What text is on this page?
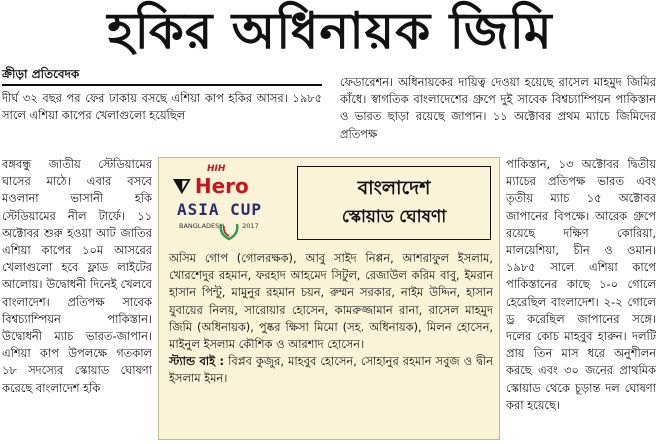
হকির অধিনায়ক জিমি
ক্রীড়া প্রতিবেদক
দীর্ঘ ৩২ বছর পর ফের ঢাকায় বসছে এশিয়া কাপ হকির আসর। ১৯৮৫ সালে এশিয়া কাপের খেলাগুলো হয়েছিল
বঙ্গবন্ধু জাতীয় স্টেডিয়ামের ঘাসের মাঠে। এবার বসবে মওলানা ভাসানী হকি স্টেডিয়ামের নীল টার্ফে। ১১ অক্টোবর শুরু হওয়া আট জাতির এশিয়া কাপের ১০ম আসরের খেলাগুলো হবে ফ্লাড লাইটের আলোয়। উদ্বোধনী দিনেই খেলবে বাংলাদেশ। প্রতিপক্ষ সাবেক বিশ্বচ্যাম্পিয়ন পাকিস্তান। উদ্বোধনী ম্যাচ ভারত-জাপান। এশিয়া কাপ উপলক্ষে গতকাল ১৮ সদস্যের স্কোয়াড ঘোষণা করেছে বাংলাদেশ হকি
ফেডারেশন। অধিনায়কের দায়িত্ব দেওয়া হয়েছে রাসেল মাহমুদ জিমির কাঁধে। স্বাগতিক বাংলাদেশের গ্রুপে দুই সাবেক বিশ্বচ্যাম্পিয়ন পাকিস্তান ও ভারত ছাড়া রয়েছে জাপান। ১১ অক্টোবর প্রথম ম্যাচে জিমিদের প্রতিপক্ষ
পাকিস্তান, ১৩ অক্টোবর দ্বিতীয় ম্যাচের প্রতিপক্ষ ভারত এবং তৃতীয় ম্যাচ ১৫ অক্টোবর জাপানের বিপক্ষে। আরেক গ্রুপে রয়েছে দক্ষিণ কোরিয়া, মালয়েশিয়া, চীন ও ওমান। ১৯৮৫ সালে এশিয়া কাপে পাকিস্তানের কাছে ১-০ গোলে হেরেছিল বাংলাদেশ। ২-২ গোলে ড্র করেছিল জাপানের সঙ্গে। দলের কোচ মাহবুব হারুন। দলটি প্রায় তিন মাস ধরে অনুশীলন করছে এবং ৩০ জনের প্রাথমিক স্কোয়াড থেকে চূড়ান্ত দল ঘোষণা করা হয়েছে।
HIH
⧨ Hero
ASIA CUP
BANGLADESH	2017
বাংলাদেশ
স্কোয়াড ঘোষণা
অসিম গোপ (গোলরক্ষক), আবু সাইদ নিপ্পন, আশরাফুল ইসলাম, খোরশেদুর রহমান, ফরহাদ আহমেদ সিটুল, রেজাউল করিম বাবু, ইমরান হাসান পিন্টু, মামুনুর রহমান চয়ন, রুম্মন সরকার, নাইম উদ্দিন, হাসান যুবায়ের নিলয়, সারোয়ার হোসেন, কামরুজ্জামান রানা, রাসেল মাহমুদ জিমি (অধিনায়ক), পুষ্কর ক্ষিসা মিমো (সহ. অধিনায়ক), মিলন হোসেন, মাইনুল ইসলাম কৌশিক ও আরশাদ হোসেন।
স্ট্যান্ড বাই : বিপ্লব কুজুর, মাহবুব হোসেন, সোহানুর রহমান সবুজ ও দ্বীন ইসলাম ইমন।
